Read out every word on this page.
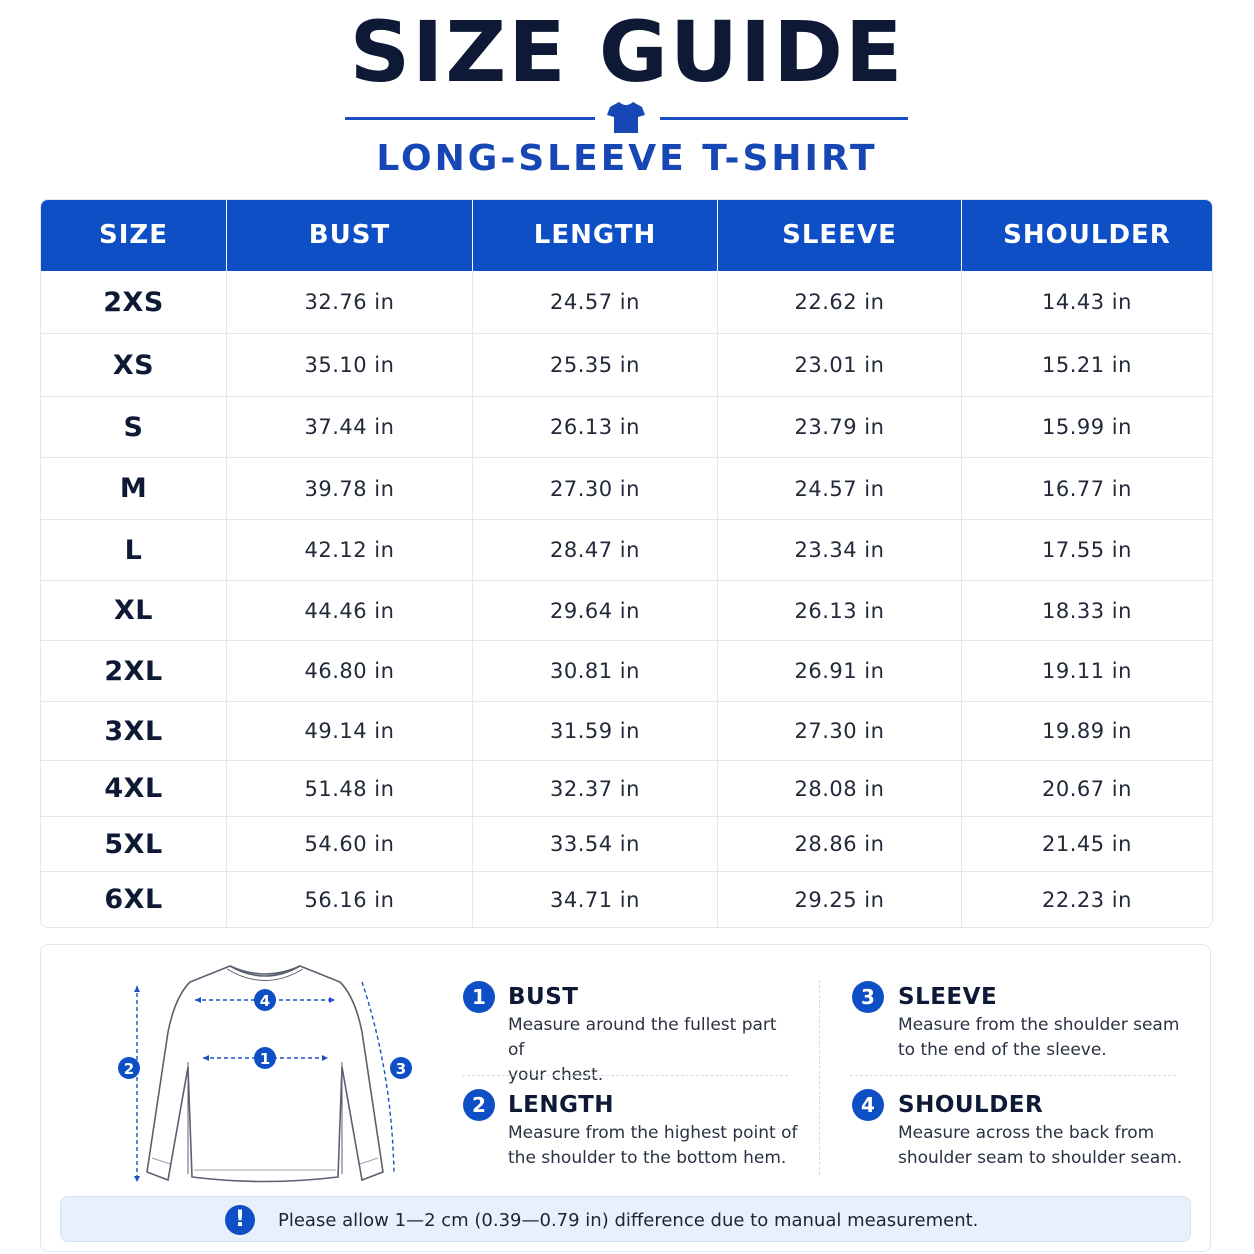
SIZE GUIDE
LONG-SLEEVE T-SHIRT
SIZE	BUST	LENGTH	SLEEVE	SHOULDER
2XS	32.76 in	24.57 in	22.62 in	14.43 in
XS	35.10 in	25.35 in	23.01 in	15.21 in
S	37.44 in	26.13 in	23.79 in	15.99 in
M	39.78 in	27.30 in	24.57 in	16.77 in
L	42.12 in	28.47 in	23.34 in	17.55 in
XL	44.46 in	29.64 in	26.13 in	18.33 in
2XL	46.80 in	30.81 in	26.91 in	19.11 in
3XL	49.14 in	31.59 in	27.30 in	19.89 in
4XL	51.48 in	32.37 in	28.08 in	20.67 in
5XL	54.60 in	33.54 in	28.86 in	21.45 in
6XL	56.16 in	34.71 in	29.25 in	22.23 in
4
1
2	3
1 BUST
Measure around the fullest part of
your chest.
2 LENGTH
Measure from the highest point of
the shoulder to the bottom hem.
3	SLEEVE
Measure from the shoulder seam
to the end of the sleeve.
4	SHOULDER
Measure across the back from
shoulder seam to shoulder seam.
!	Please allow 1—2 cm (0.39—0.79 in) difference due to manual measurement.
